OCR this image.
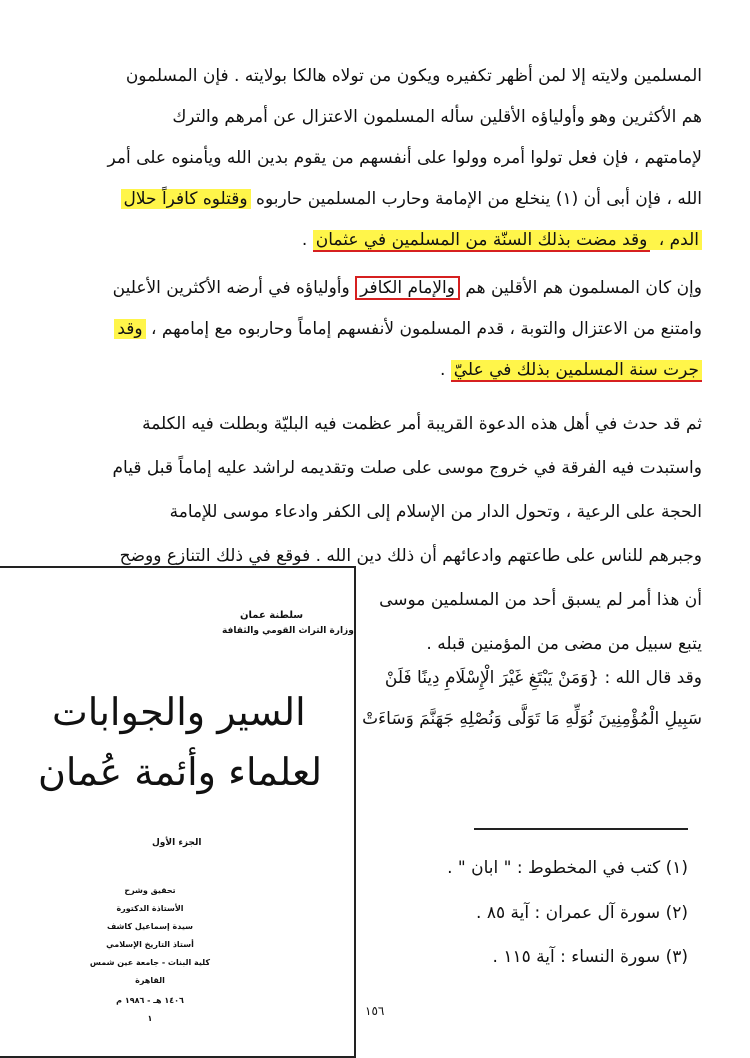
المسلمين ولايته إلا لمن أظهر تكفيره ويكون من تولاه هالكا بولايته . فإن المسلمون
هم الأكثرين وهو وأولياؤه الأقلين سأله المسلمون الاعتزال عن أمرهم والترك
لإمامتهم ، فإن فعل تولوا أمره وولوا على أنفسهم من يقوم بدين الله ويأمنوه على أمر
الله ، فإن أبى أن (١) ينخلع من الإمامة وحارب المسلمين حاربوه وقتلوه كافراً حلال
الدم ، وقد مضت بذلك السنّة من المسلمين في عثمان .
وإن كان المسلمون هم الأقلين هم والإمام الكافر وأولياؤه في أرضه الأكثرين الأعلين
وامتنع من الاعتزال والتوبة ، قدم المسلمون لأنفسهم إماماً وحاربوه مع إمامهم ، وقد
جرت سنة المسلمين بذلك في عليّ .
ثم قد حدث في أهل هذه الدعوة القريبة أمر عظمت فيه البليّة وبطلت فيه الكلمة
واستبدت فيه الفرقة في خروج موسى على صلت وتقديمه لراشد عليه إماماً قبل قيام
الحجة على الرعية ، وتحول الدار من الإسلام إلى الكفر وادعاء موسى للإمامة
وجبرهم للناس على طاعتهم وادعائهم أن ذلك دين الله . فوقع في ذلك التنازع ووضح
أن هذا أمر لم يسبق أحد من المسلمين موسى
يتبع سبيل من مضى من المؤمنين قبله .
وقد قال الله : {وَمَنْ يَبْتَغِ غَيْرَ الْإِسْلَامِ دِينًا فَلَنْ
سَبِيلِ الْمُؤْمِنِينَ نُوَلِّهِ مَا تَوَلَّى وَنُصْلِهِ جَهَنَّمَ وَسَاءَتْ
(١) كتب في المخطوط : " ابان " .
(٢) سورة آل عمران : آية ٨٥ .
(٣) سورة النساء : آية ١١٥ .
١٥٦
سلطنة عمان
وزارة التراث القومي والثقافة
السير والجوابات
لعلماء وأئمة عُمان
الجزء الأول
تحقيق وشرح
الأستاذة الدكتورة
سيدة إسماعيل كاشف
أستاذ التاريخ الإسلامي
كلية البنات - جامعة عين شمس
القاهرة
١٤٠٦ هـ - ١٩٨٦ م
١
